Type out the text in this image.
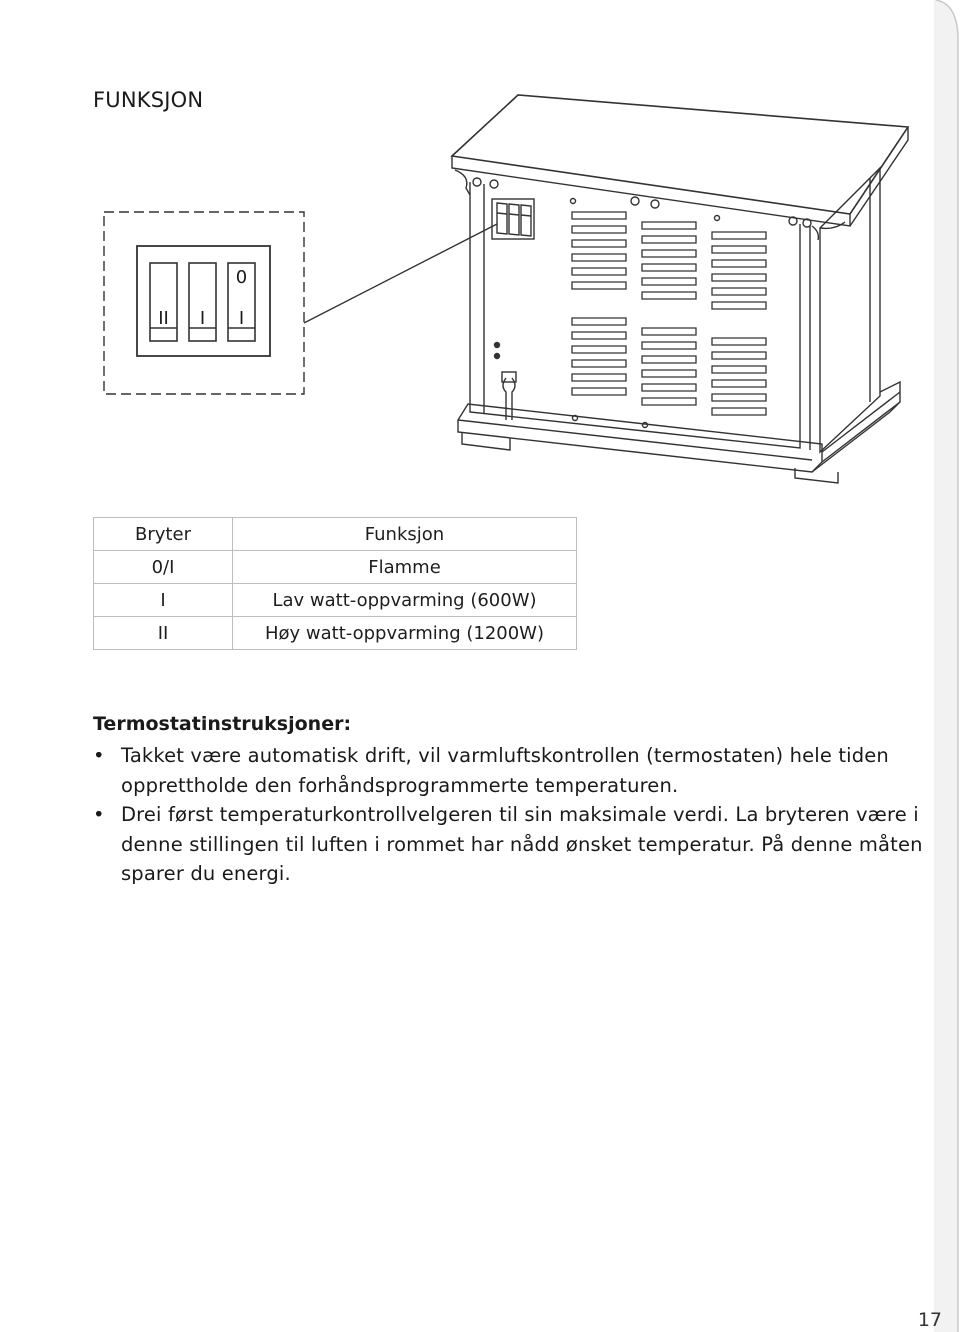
FUNKSJON
II I I
0
Bryter	Funksjon
0/I	Flamme
I	Lav watt-oppvarming (600W)
II	Høy watt-oppvarming (1200W)
Termostatinstruksjoner:
• Takket være automatisk drift, vil varmluftskontrollen (termostaten) hele tiden opprettholde den forhåndsprogrammerte temperaturen.
• Drei først temperaturkontrollvelgeren til sin maksimale verdi. La bryteren være i denne stillingen til luften i rommet har nådd ønsket temperatur. På denne måten sparer du energi.
17
